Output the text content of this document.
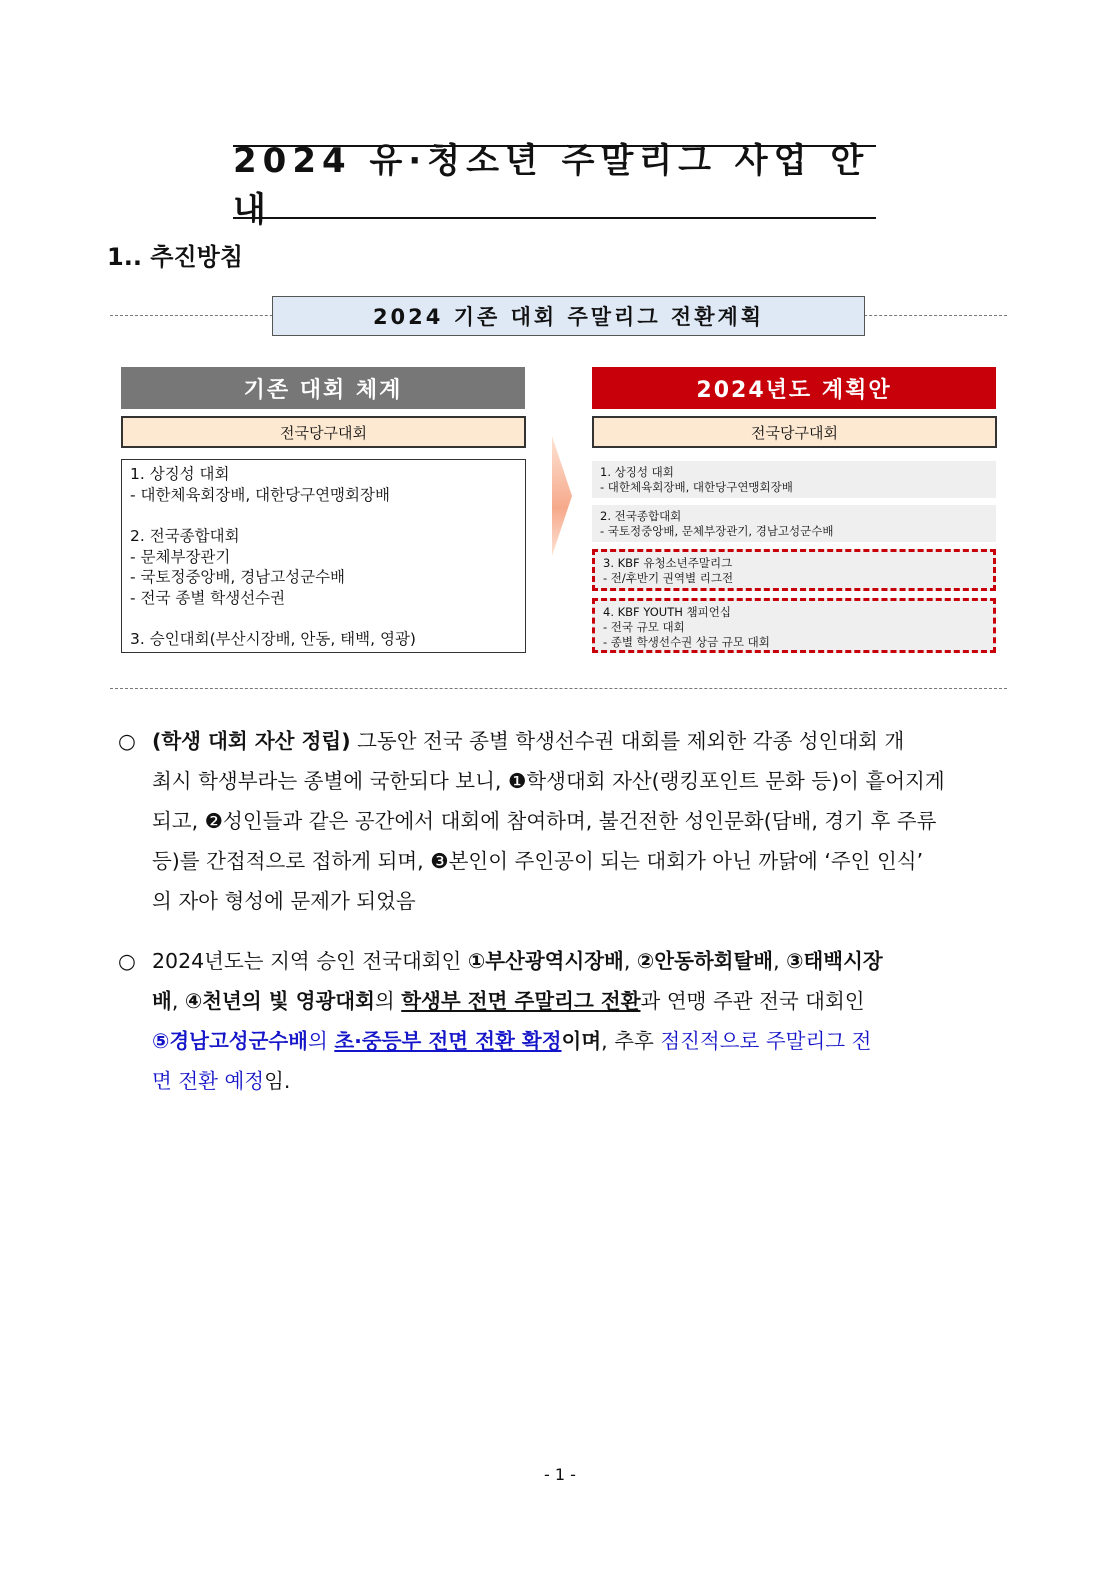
2024 유·청소년 주말리그 사업 안내
1.. 추진방침
2024 기존 대회 주말리그 전환계획
기존 대회 체계
전국당구대회
1. 상징성 대회
- 대한체육회장배, 대한당구연맹회장배
2. 전국종합대회
- 문체부장관기
- 국토정중앙배, 경남고성군수배
- 전국 종별 학생선수권
3. 승인대회(부산시장배, 안동, 태백, 영광)
2024년도 계획안
전국당구대회
1. 상징성 대회
- 대한체육회장배, 대한당구연맹회장배
2. 전국종합대회
- 국토정중앙배, 문체부장관기, 경남고성군수배
3. KBF 유청소년주말리그
- 전/후반기 권역별 리그전
4. KBF YOUTH 챔피언십
- 전국 규모 대회
- 종별 학생선수권 상금 규모 대회
○ (학생 대회 자산 정립) 그동안 전국 종별 학생선수권 대회를 제외한 각종 성인대회 개
최시 학생부라는 종별에 국한되다 보니, ❶학생대회 자산(랭킹포인트 문화 등)이 흩어지게
되고, ❷성인들과 같은 공간에서 대회에 참여하며, 불건전한 성인문화(담배, 경기 후 주류
등)를 간접적으로 접하게 되며, ❸본인이 주인공이 되는 대회가 아닌 까닭에 ‘주인 인식’
의 자아 형성에 문제가 되었음
○ 2024년도는 지역 승인 전국대회인 ①부산광역시장배, ②안동하회탈배, ③태백시장
배, ④천년의 빛 영광대회의 학생부 전면 주말리그 전환과 연맹 주관 전국 대회인
⑤경남고성군수배의 초·중등부 전면 전환 확정이며, 추후 점진적으로 주말리그 전
면 전환 예정임.
- 1 -
